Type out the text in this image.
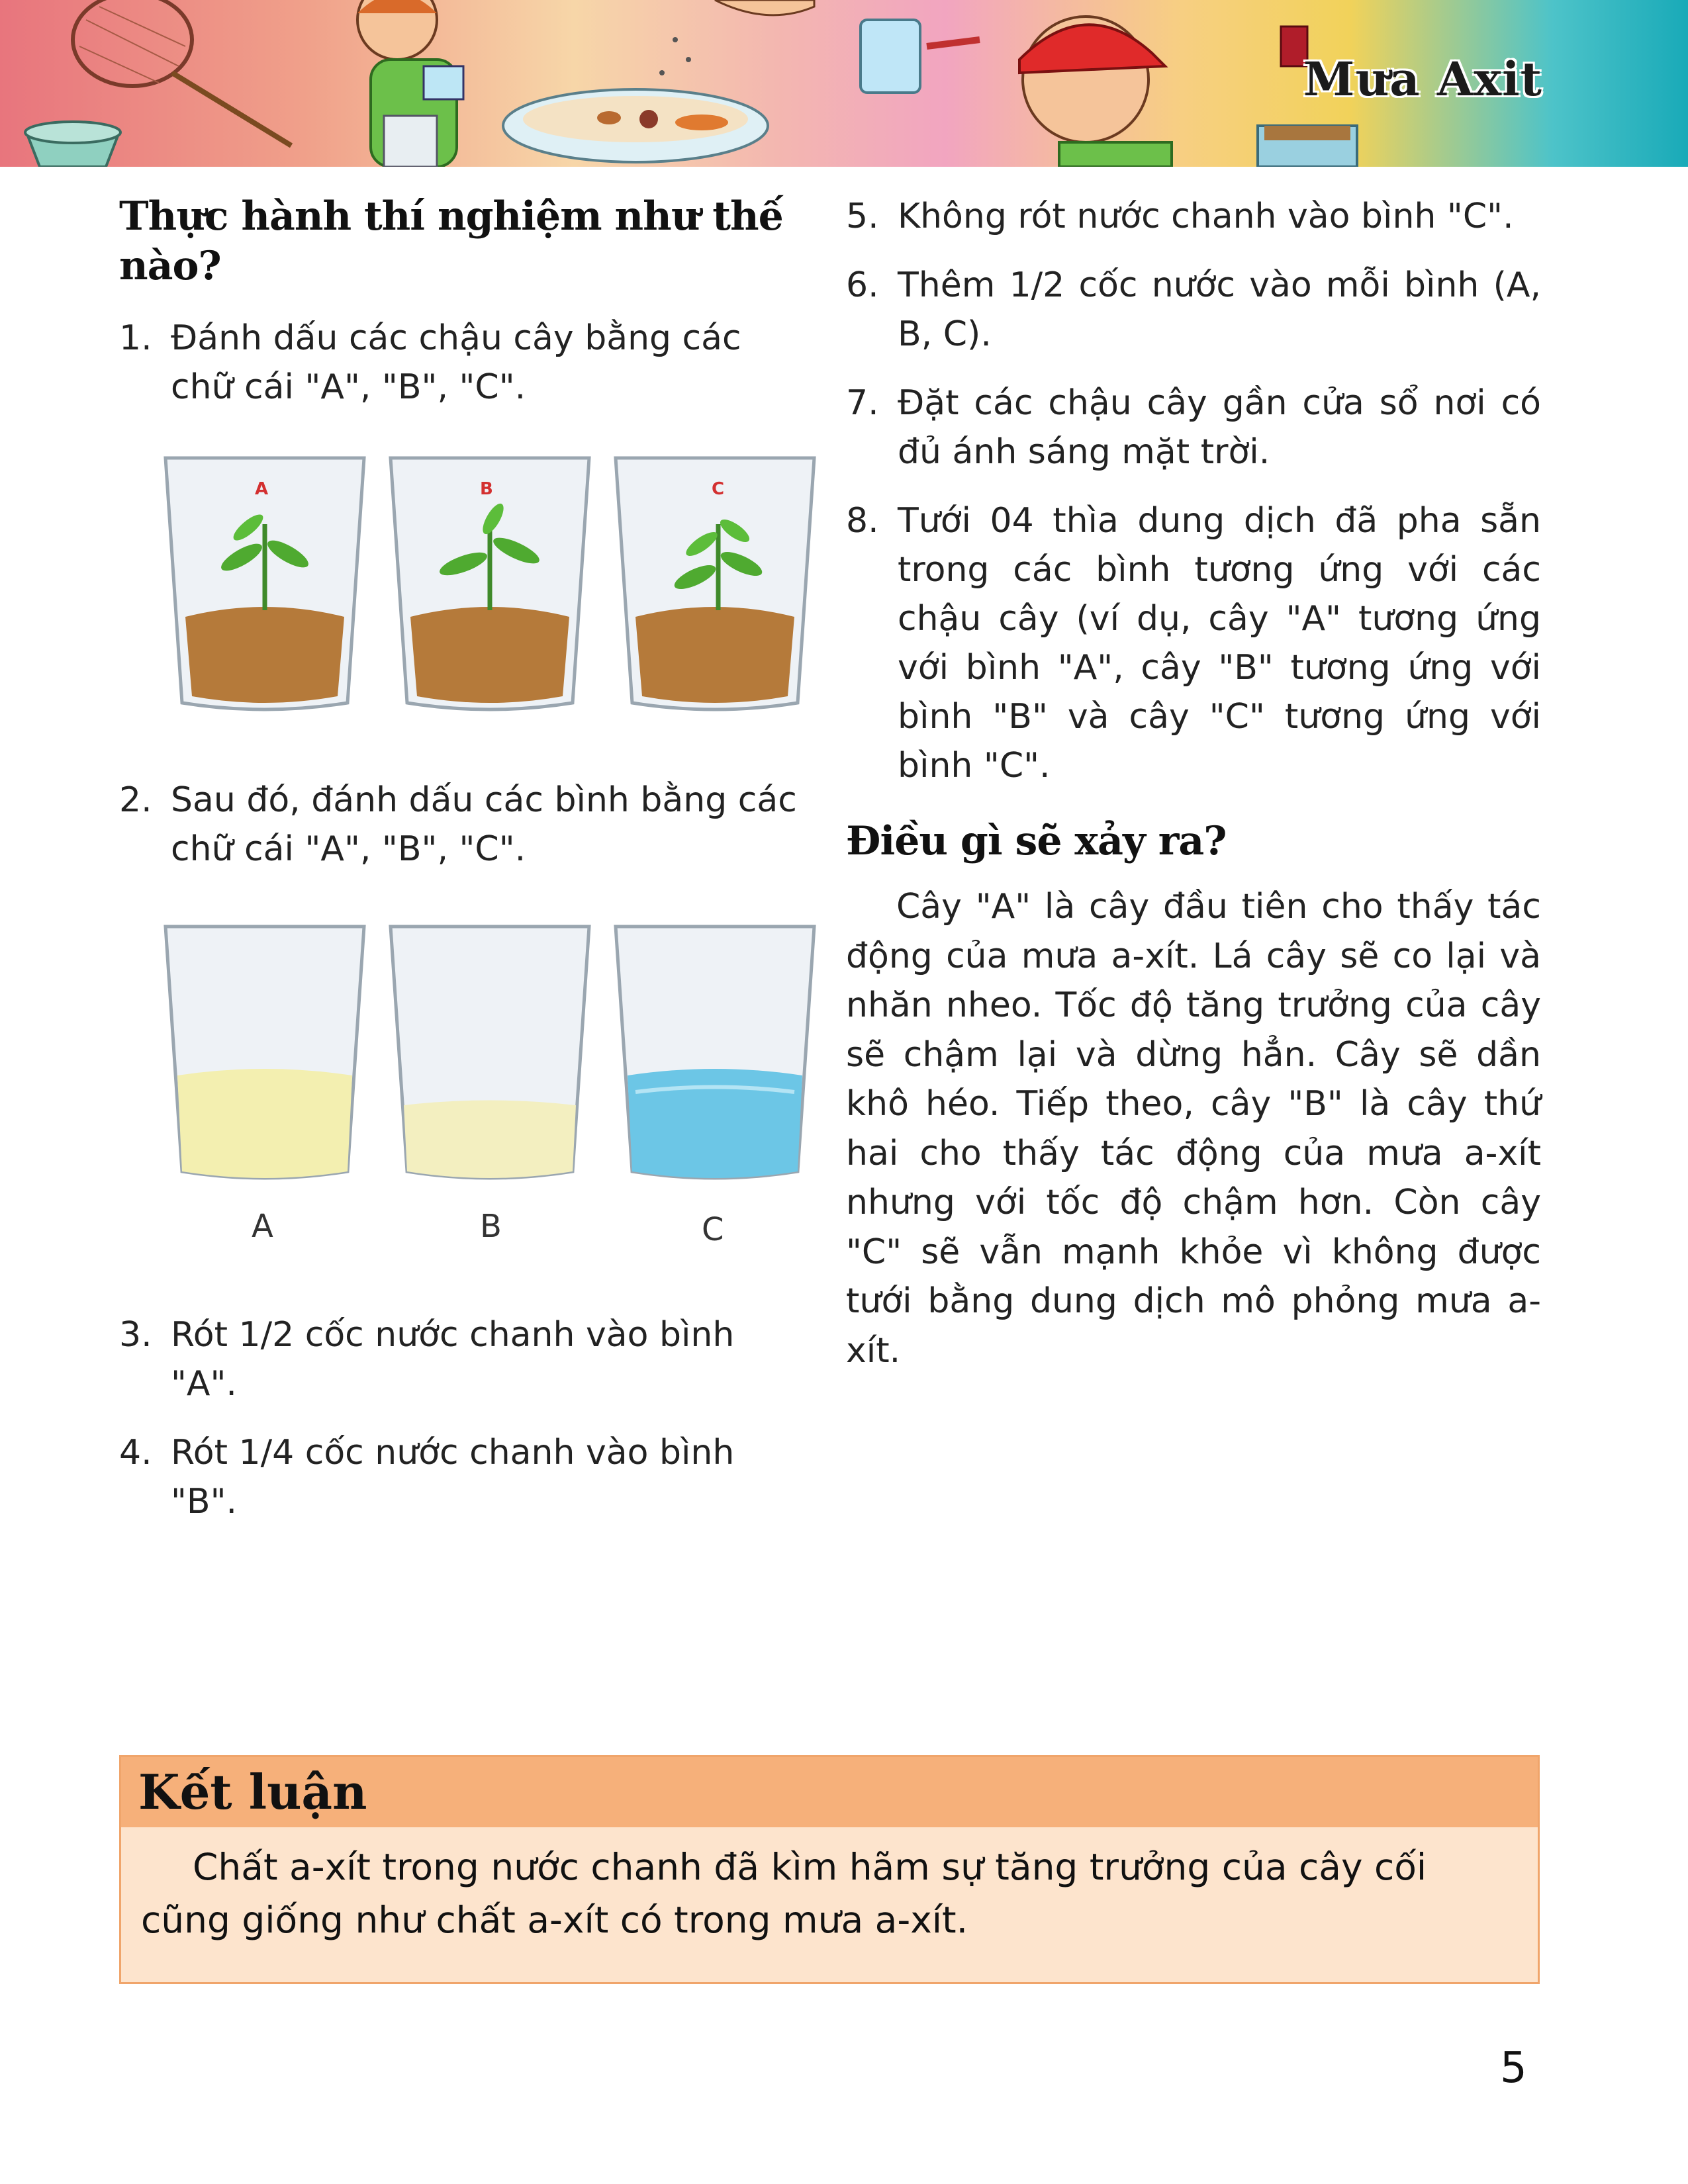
Mưa Axit
Thực hành thí nghiệm như thế nào?
1. Đánh dấu các chậu cây bằng các chữ cái "A", "B", "C".
A	B	C
2. Sau đó, đánh dấu các bình bằng các chữ cái "A", "B", "C".
A	B	C
3. Rót 1/2 cốc nước chanh vào bình "A".
4. Rót 1/4 cốc nước chanh vào bình "B".
5. Không rót nước chanh vào bình "C".
6. Thêm 1/2 cốc nước vào mỗi bình (A, B, C).
7. Đặt các chậu cây gần cửa sổ nơi có đủ ánh sáng mặt trời.
8. Tưới 04 thìa dung dịch đã pha sẵn trong các bình tương ứng với các chậu cây (ví dụ, cây "A" tương ứng với bình "A", cây "B" tương ứng với bình "B" và cây "C" tương ứng với bình "C".
Điều gì sẽ xảy ra?

Cây "A" là cây đầu tiên cho thấy tác động của mưa a-xít. Lá cây sẽ co lại và nhăn nheo. Tốc độ tăng trưởng của cây sẽ chậm lại và dừng hẳn. Cây sẽ dần khô héo. Tiếp theo, cây "B" là cây thứ hai cho thấy tác động của mưa a-xít nhưng với tốc độ chậm hơn. Còn cây "C" sẽ vẫn mạnh khỏe vì không được tưới bằng dung dịch mô phỏng mưa a-xít.

Kết luận
Chất a-xít trong nước chanh đã kìm hãm sự tăng trưởng của cây cối cũng giống như chất a-xít có trong mưa a-xít.
5
